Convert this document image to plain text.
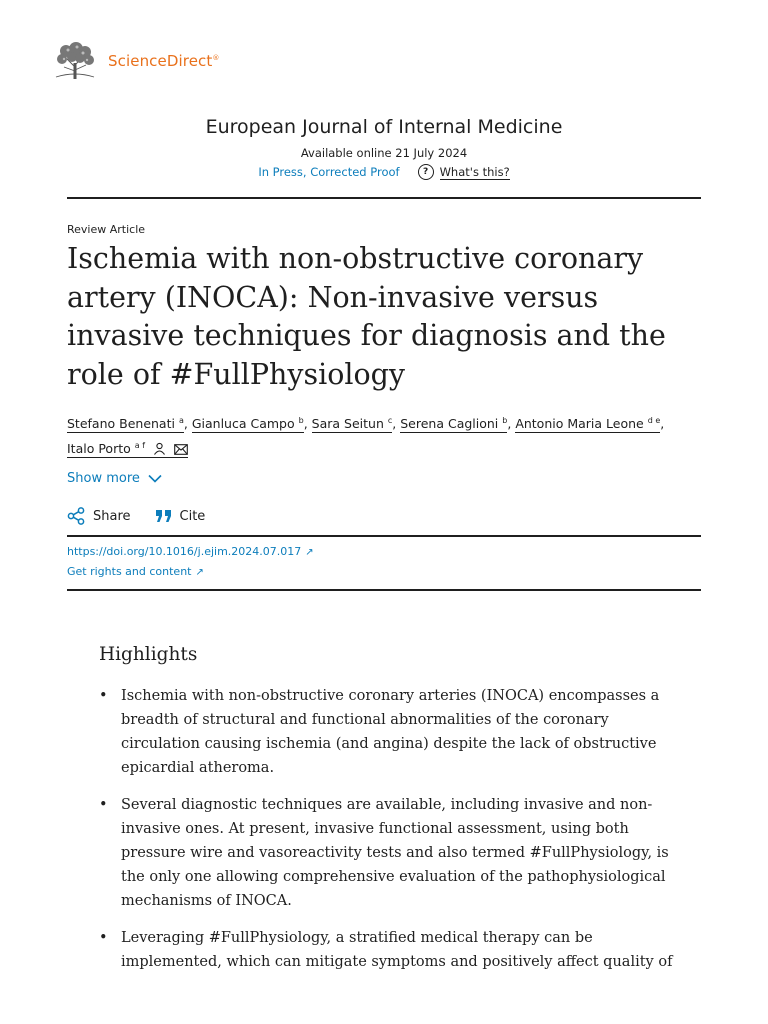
ScienceDirect®
European Journal of Internal Medicine
Available online 21 July 2024
In Press, Corrected Proof	? What's this?
Review Article
Ischemia with non-obstructive coronary artery (INOCA): Non-invasive versus invasive techniques for diagnosis and the role of #FullPhysiology
Stefano Benenati $^a$, Gianluca Campo $^b$, Sara Seitun $^c$, Serena Caglioni $^b$, Antonio Maria Leone $^{d e}$,
Italo Porto $^{a f}$
Show more
Share	Cite
https://doi.org/10.1016/j.ejim.2024.07.017 ↗
Get rights and content ↗
Highlights
• Ischemia with non-obstructive coronary arteries (INOCA) encompasses a breadth of structural and functional abnormalities of the coronary circulation causing ischemia (and angina) despite the lack of obstructive epicardial atheroma.
• Several diagnostic techniques are available, including invasive and non-invasive ones. At present, invasive functional assessment, using both pressure wire and vasoreactivity tests and also termed #FullPhysiology, is the only one allowing comprehensive evaluation of the pathophysiological mechanisms of INOCA.
• Leveraging #FullPhysiology, a stratified medical therapy can be implemented, which can mitigate symptoms and positively affect quality of
